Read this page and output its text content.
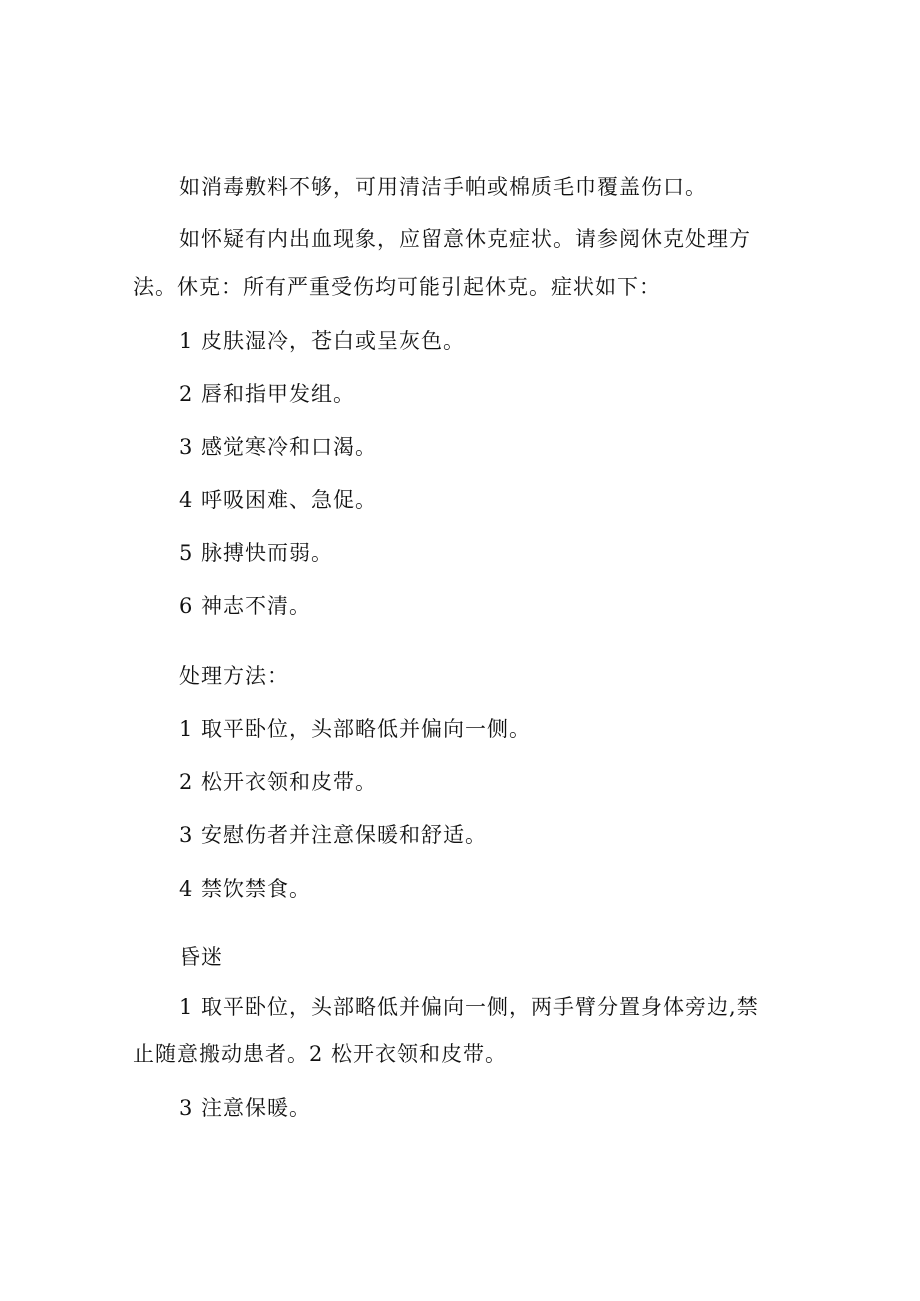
如消毒敷料不够，可用清洁手帕或棉质毛巾覆盖伤口。
如怀疑有内出血现象，应留意休克症状。请参阅休克处理方
法。休克：所有严重受伤均可能引起休克。症状如下：
1 皮肤湿冷，苍白或呈灰色。
2 唇和指甲发组。
3 感觉寒冷和口渴。
4 呼吸困难、急促。
5 脉搏快而弱。
6 神志不清。
处理方法：
1 取平卧位，头部略低并偏向一侧。
2 松开衣领和皮带。
3 安慰伤者并注意保暖和舒适。
4 禁饮禁食。
昏迷
1 取平卧位，头部略低并偏向一侧，两手臂分置身体旁边,禁
止随意搬动患者。2 松开衣领和皮带。
3 注意保暖。
